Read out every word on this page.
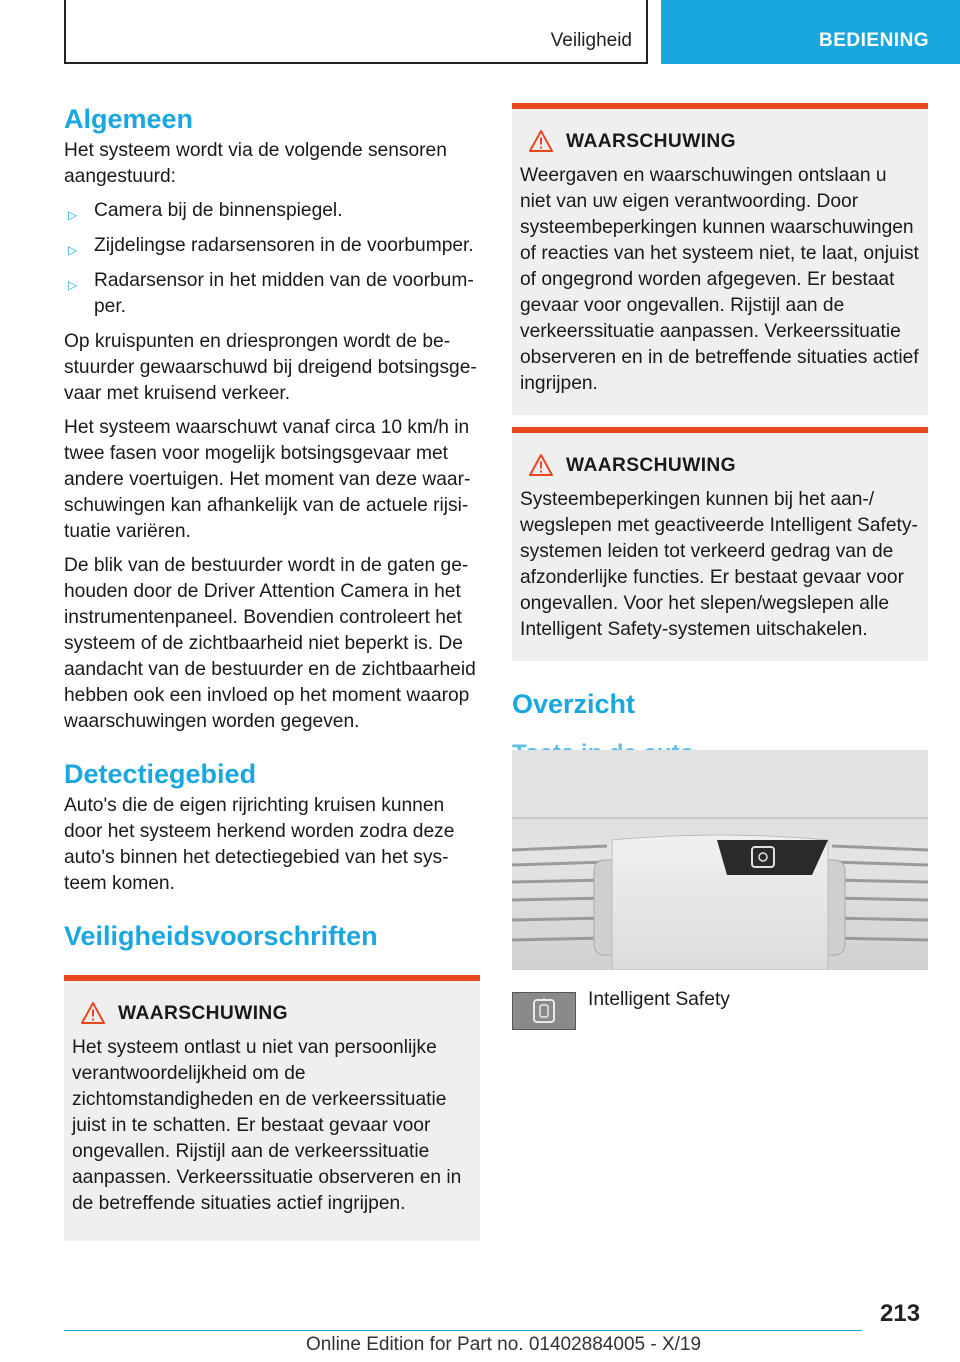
Veiligheid	BEDIENING
Algemeen

Het systeem wordt via de volgende sensoren aangestuurd:

▷ Camera bij de binnenspiegel.
▷ Zijdelingse radarsensoren in de voorbumper.
▷ Radarsensor in het midden van de voorbumper.

Op kruispunten en driesprongen wordt de bestuurder gewaarschuwd bij dreigend botsingsgevaar met kruisend verkeer.

Het systeem waarschuwt vanaf circa 10 km/h in twee fasen voor mogelijk botsingsgevaar met andere voertuigen. Het moment van deze waarschuwingen kan afhankelijk van de actuele rijsituatie variëren.

De blik van de bestuurder wordt in de gaten gehouden door de Driver Attention Camera in het instrumentenpaneel. Bovendien controleert het systeem of de zichtbaarheid niet beperkt is. De aandacht van de bestuurder en de zichtbaarheid hebben ook een invloed op het moment waarop waarschuwingen worden gegeven.

Detectiegebied

Auto's die de eigen rijrichting kruisen kunnen door het systeem herkend worden zodra deze auto's binnen het detectiegebied van het systeem komen.

Veiligheidsvoorschriften
WAARSCHUWING

Het systeem ontlast u niet van persoonlijke verantwoordelijkheid om de zichtomstandigheden en de verkeerssituatie juist in te schatten. Er bestaat gevaar voor ongevallen. Rijstijl aan de verkeerssituatie aanpassen. Verkeerssituatie observeren en in de betreffende situaties actief ingrijpen.

WAARSCHUWING

Weergaven en waarschuwingen ontslaan u niet van uw eigen verantwoording. Door systeembeperkingen kunnen waarschuwingen of reacties van het systeem niet, te laat, onjuist of ongegrond worden afgegeven. Er bestaat gevaar voor ongevallen. Rijstijl aan de verkeerssituatie aanpassen. Verkeerssituatie observeren en in de betreffende situaties actief ingrijpen.

WAARSCHUWING

Systeembeperkingen kunnen bij het aan-/ wegslepen met geactiveerde Intelligent Safety-systemen leiden tot verkeerd gedrag van de afzonderlijke functies. Er bestaat gevaar voor ongevallen. Voor het slepen/wegslepen alle Intelligent Safety-systemen uitschakelen.

Overzicht
Intelligent Safety
213
Online Edition for Part no. 01402884005 - X/19
